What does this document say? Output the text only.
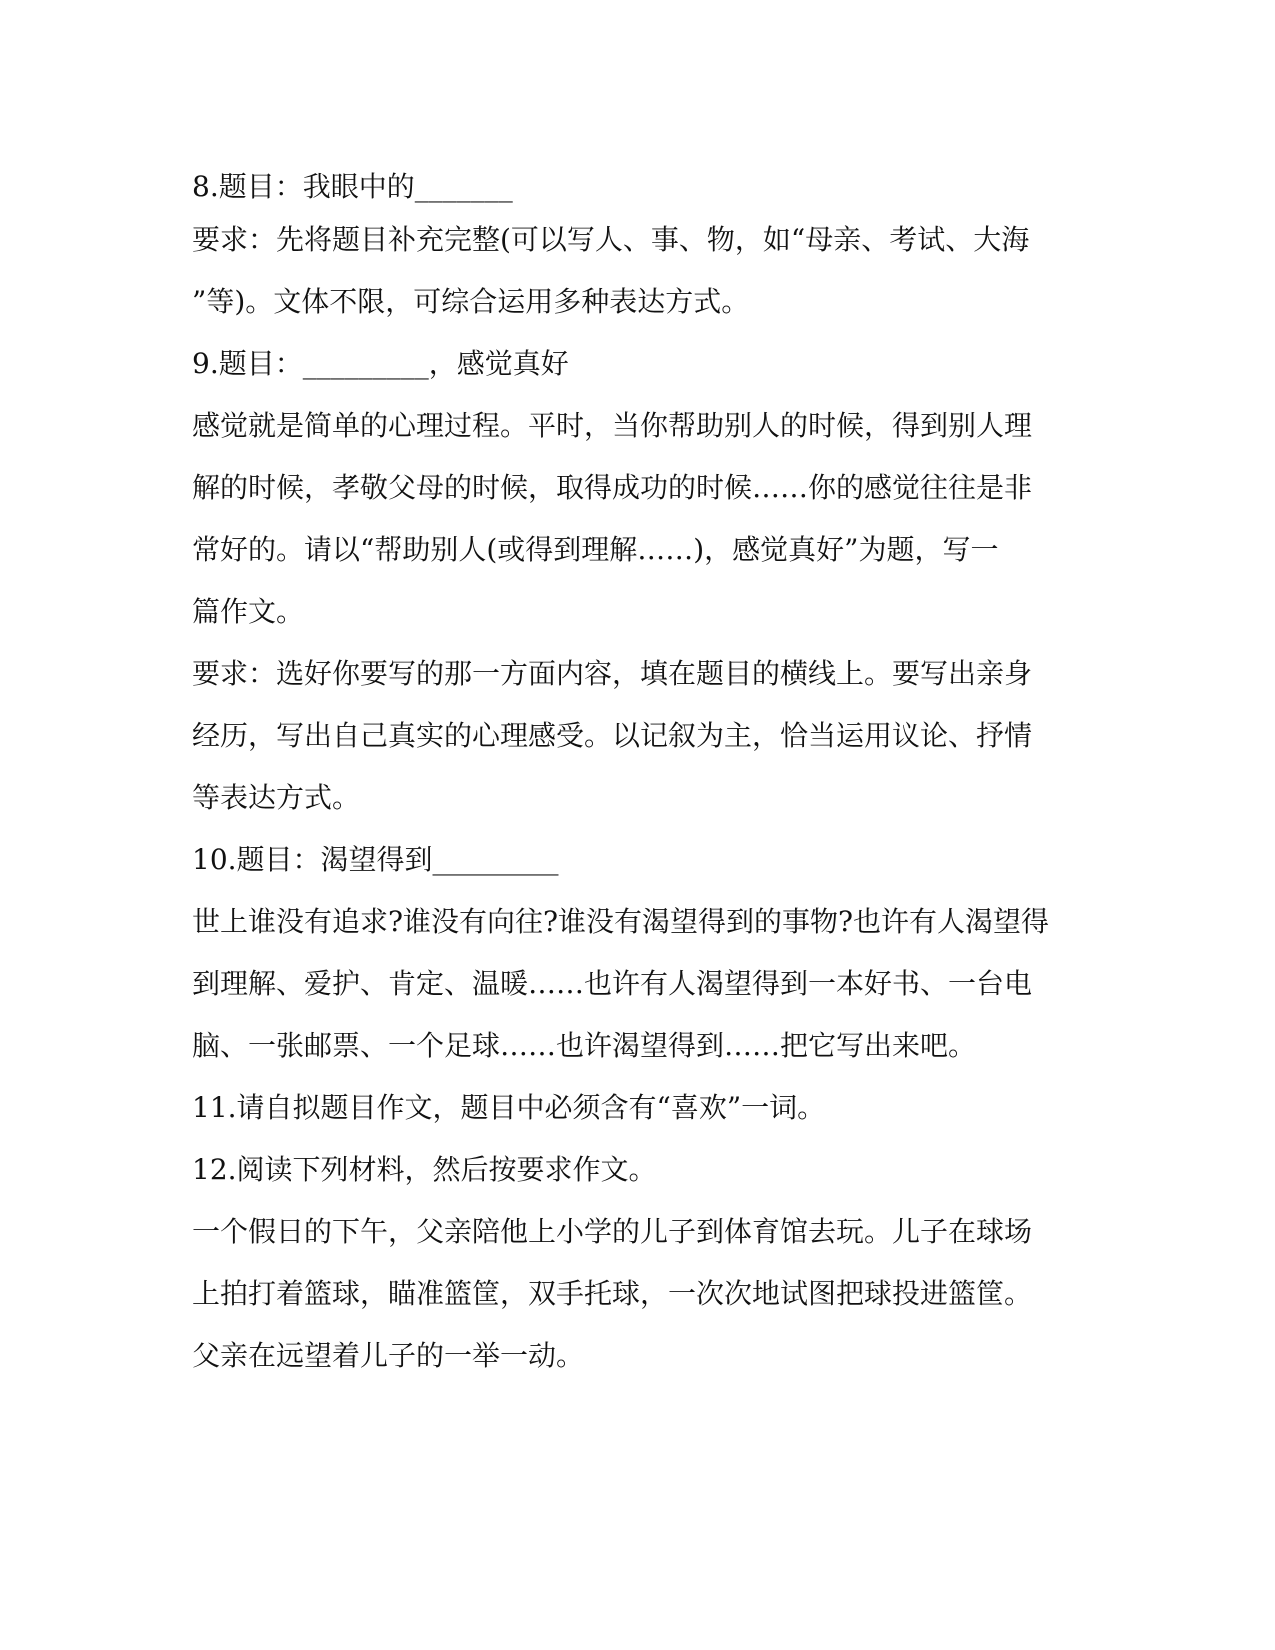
8.题目：我眼中的_______
要求：先将题目补充完整(可以写人、事、物，如“母亲、考试、大海
”等)。文体不限，可综合运用多种表达方式。
9.题目：_________，感觉真好
感觉就是简单的心理过程。平时，当你帮助别人的时候，得到别人理
解的时候，孝敬父母的时候，取得成功的时候……你的感觉往往是非
常好的。请以“帮助别人(或得到理解……)，感觉真好”为题，写一
篇作文。
要求：选好你要写的那一方面内容，填在题目的横线上。要写出亲身
经历，写出自己真实的心理感受。以记叙为主，恰当运用议论、抒情
等表达方式。
10.题目：渴望得到_________
世上谁没有追求?谁没有向往?谁没有渴望得到的事物?也许有人渴望得
到理解、爱护、肯定、温暖……也许有人渴望得到一本好书、一台电
脑、一张邮票、一个足球……也许渴望得到……把它写出来吧。
11.请自拟题目作文，题目中必须含有“喜欢”一词。
12.阅读下列材料，然后按要求作文。
一个假日的下午，父亲陪他上小学的儿子到体育馆去玩。儿子在球场
上拍打着篮球，瞄准篮筐，双手托球，一次次地试图把球投进篮筐。
父亲在远望着儿子的一举一动。
